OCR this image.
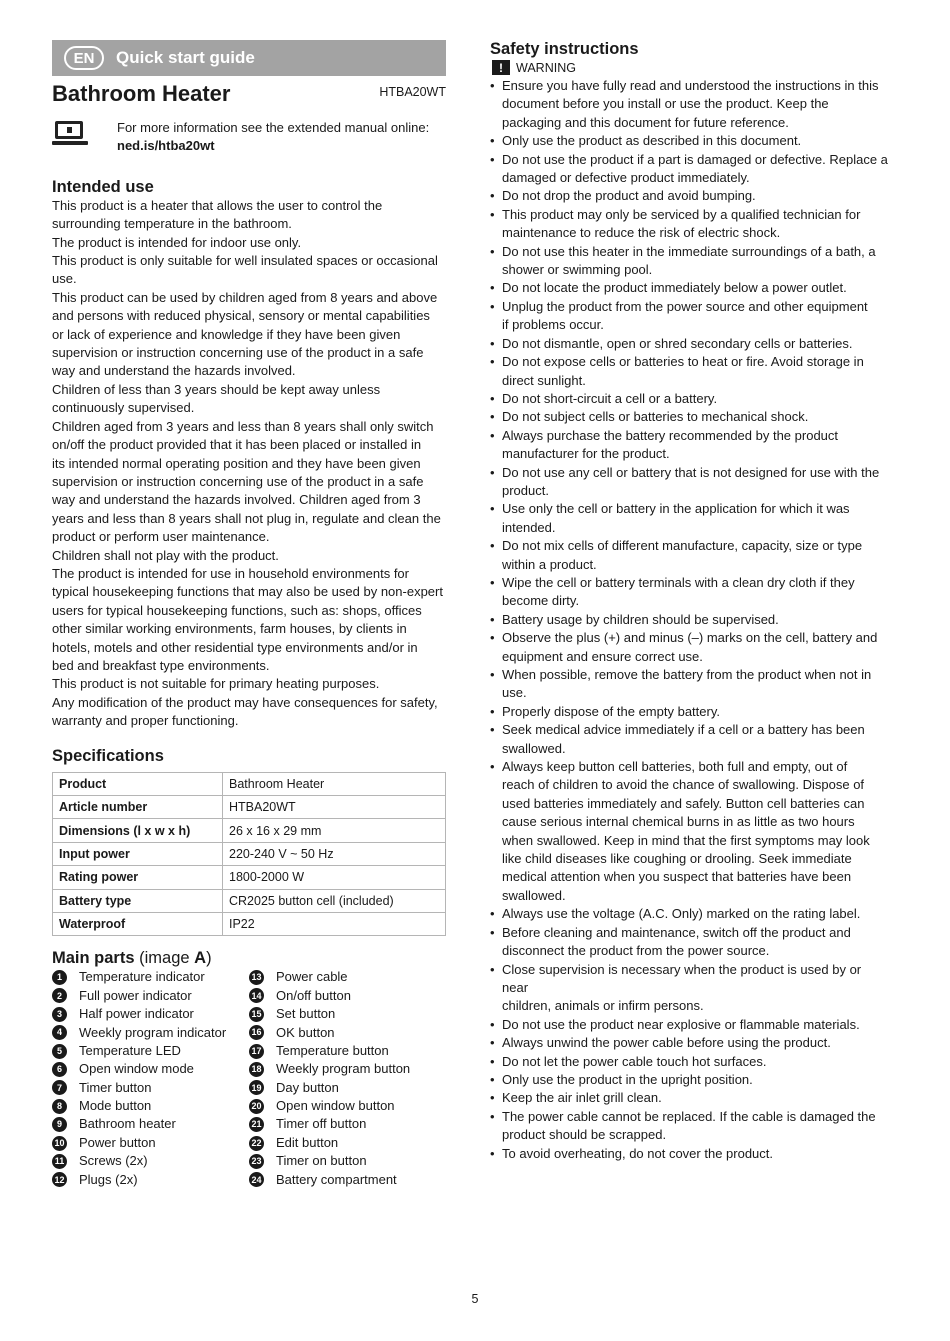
EN	Quick start guide
Bathroom Heater	HTBA20WT
For more information see the extended manual online:
ned.is/htba20wt
Intended use
This product is a heater that allows the user to control the
surrounding temperature in the bathroom.
The product is intended for indoor use only.
This product is only suitable for well insulated spaces or occasional
use.
This product can be used by children aged from 8 years and above
and persons with reduced physical, sensory or mental capabilities
or lack of experience and knowledge if they have been given
supervision or instruction concerning use of the product in a safe
way and understand the hazards involved.
Children of less than 3 years should be kept away unless
continuously supervised.
Children aged from 3 years and less than 8 years shall only switch
on/off the product provided that it has been placed or installed in
its intended normal operating position and they have been given
supervision or instruction concerning use of the product in a safe
way and understand the hazards involved. Children aged from 3
years and less than 8 years shall not plug in, regulate and clean the
product or perform user maintenance.
Children shall not play with the product.
The product is intended for use in household environments for
typical housekeeping functions that may also be used by non-expert
users for typical housekeeping functions, such as: shops, offices
other similar working environments, farm houses, by clients in
hotels, motels and other residential type environments and/or in
bed and breakfast type environments.
This product is not suitable for primary heating purposes.
Any modification of the product may have consequences for safety,
warranty and proper functioning.
Specifications
Product	Bathroom Heater
Article number	HTBA20WT
Dimensions (l x w x h)	26 x 16 x 29 mm
Input power	220-240 V ~ 50 Hz
Rating power	1800-2000 W
Battery type	CR2025 button cell (included)
Waterproof	IP22
Main parts (image A)
1	Temperature indicator
2	Full power indicator
3	Half power indicator
4	Weekly program indicator
5	Temperature LED
6	Open window mode
7	Timer button
8	Mode button
9	Bathroom heater
10 Power button
11 Screws (2x)
12 Plugs (2x)
13 Power cable
14 On/off button
15 Set button
16 OK button
17 Temperature button
18 Weekly program button
19 Day button
20 Open window button
21 Timer off button
22 Edit button
23 Timer on button
24 Battery compartment
Safety instructions
!	WARNING
• Ensure you have fully read and understood the instructions in this
document before you install or use the product. Keep the
packaging and this document for future reference.
• Only use the product as described in this document.
• Do not use the product if a part is damaged or defective. Replace a
damaged or defective product immediately.
• Do not drop the product and avoid bumping.
• This product may only be serviced by a qualified technician for
maintenance to reduce the risk of electric shock.
• Do not use this heater in the immediate surroundings of a bath, a
shower or swimming pool.
• Do not locate the product immediately below a power outlet.
• Unplug the product from the power source and other equipment
if problems occur.
• Do not dismantle, open or shred secondary cells or batteries.
• Do not expose cells or batteries to heat or fire. Avoid storage in
direct sunlight.
• Do not short-circuit a cell or a battery.
• Do not subject cells or batteries to mechanical shock.
• Always purchase the battery recommended by the product
manufacturer for the product.
• Do not use any cell or battery that is not designed for use with the
product.
• Use only the cell or battery in the application for which it was
intended.
• Do not mix cells of different manufacture, capacity, size or type
within a product.
• Wipe the cell or battery terminals with a clean dry cloth if they
become dirty.
• Battery usage by children should be supervised.
• Observe the plus (+) and minus (–) marks on the cell, battery and
equipment and ensure correct use.
• When possible, remove the battery from the product when not in
use.
• Properly dispose of the empty battery.
• Seek medical advice immediately if a cell or a battery has been
swallowed.
• Always keep button cell batteries, both full and empty, out of
reach of children to avoid the chance of swallowing. Dispose of
used batteries immediately and safely. Button cell batteries can
cause serious internal chemical burns in as little as two hours
when swallowed. Keep in mind that the first symptoms may look
like child diseases like coughing or drooling. Seek immediate
medical attention when you suspect that batteries have been
swallowed.
• Always use the voltage (A.C. Only) marked on the rating label.
• Before cleaning and maintenance, switch off the product and
disconnect the product from the power source.
• Close supervision is necessary when the product is used by or near
children, animals or infirm persons.
• Do not use the product near explosive or flammable materials.
• Always unwind the power cable before using the product.
• Do not let the power cable touch hot surfaces.
• Only use the product in the upright position.
• Keep the air inlet grill clean.
• The power cable cannot be replaced. If the cable is damaged the
product should be scrapped.
• To avoid overheating, do not cover the product.
5
